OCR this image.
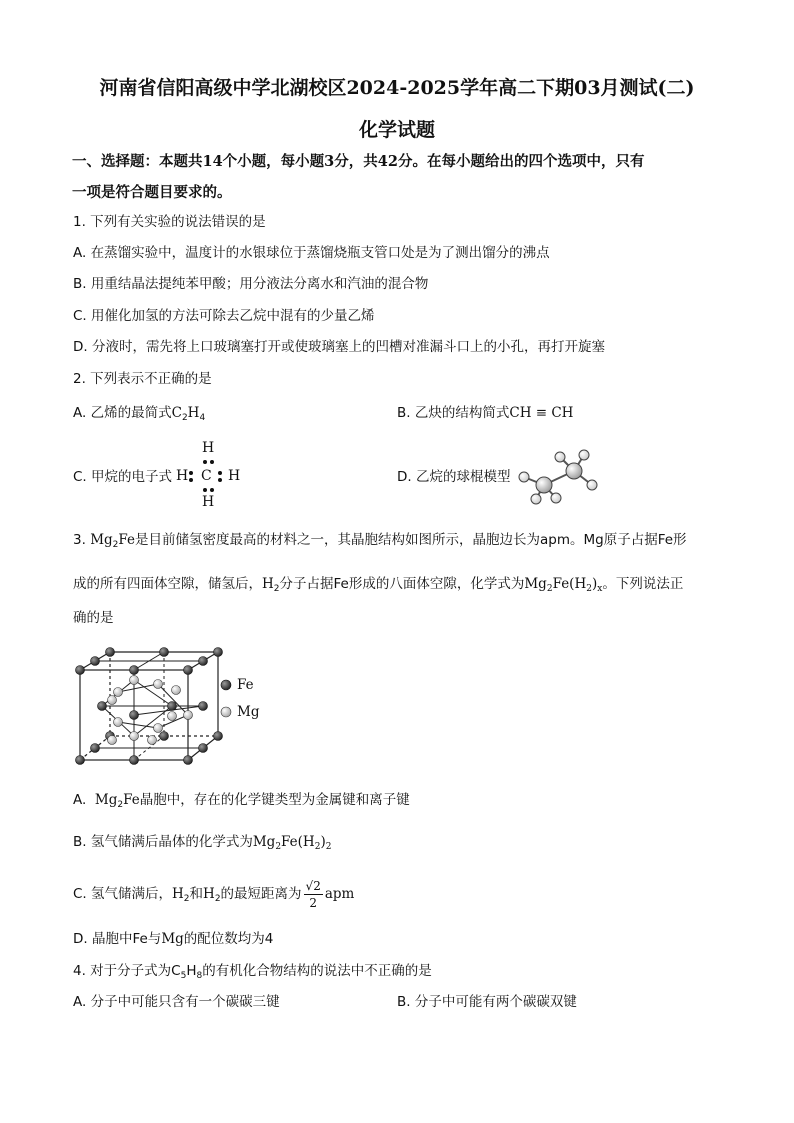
河南省信阳高级中学北湖校区2024-2025学年高二下期03月测试(二)
化学试题
一、选择题：本题共14个小题，每小题3分，共42分。在每小题给出的四个选项中，只有
一项是符合题目要求的。
1. 下列有关实验的说法错误的是
A. 在蒸馏实验中，温度计的水银球位于蒸馏烧瓶支管口处是为了测出馏分的沸点
B. 用重结晶法提纯苯甲酸；用分液法分离水和汽油的混合物
C. 用催化加氢的方法可除去乙烷中混有的少量乙烯
D. 分液时，需先将上口玻璃塞打开或使玻璃塞上的凹槽对准漏斗口上的小孔，再打开旋塞
2. 下列表示不正确的是
A. 乙烯的最简式$C_2H_4$	B. 乙炔的结构简式CH ≡ CH
C. 甲烷的电子式
H
H C H
H
D. 乙烷的球棍模型
3. $Mg_2Fe$是目前储氢密度最高的材料之一，其晶胞结构如图所示，晶胞边长为apm。Mg原子占据Fe形
成的所有四面体空隙，储氢后，$H_2$分子占据Fe形成的八面体空隙，化学式为$Mg_2Fe(H_2)_x$。下列说法正
确的是
Fe
Mg
A. $Mg_2Fe$晶胞中，存在的化学键类型为金属键和离子键
B. 氢气储满后晶体的化学式为$Mg_2Fe(H_2)_2$
C. 氢气储满后，$H_2$和$H_2$的最短距离为 $\frac{√2}{2}$ apm
D. 晶胞中Fe与Mg的配位数均为4
4. 对于分子式为$C_5H_8$的有机化合物结构的说法中不正确的是
A. 分子中可能只含有一个碳碳三键	B. 分子中可能有两个碳碳双键
